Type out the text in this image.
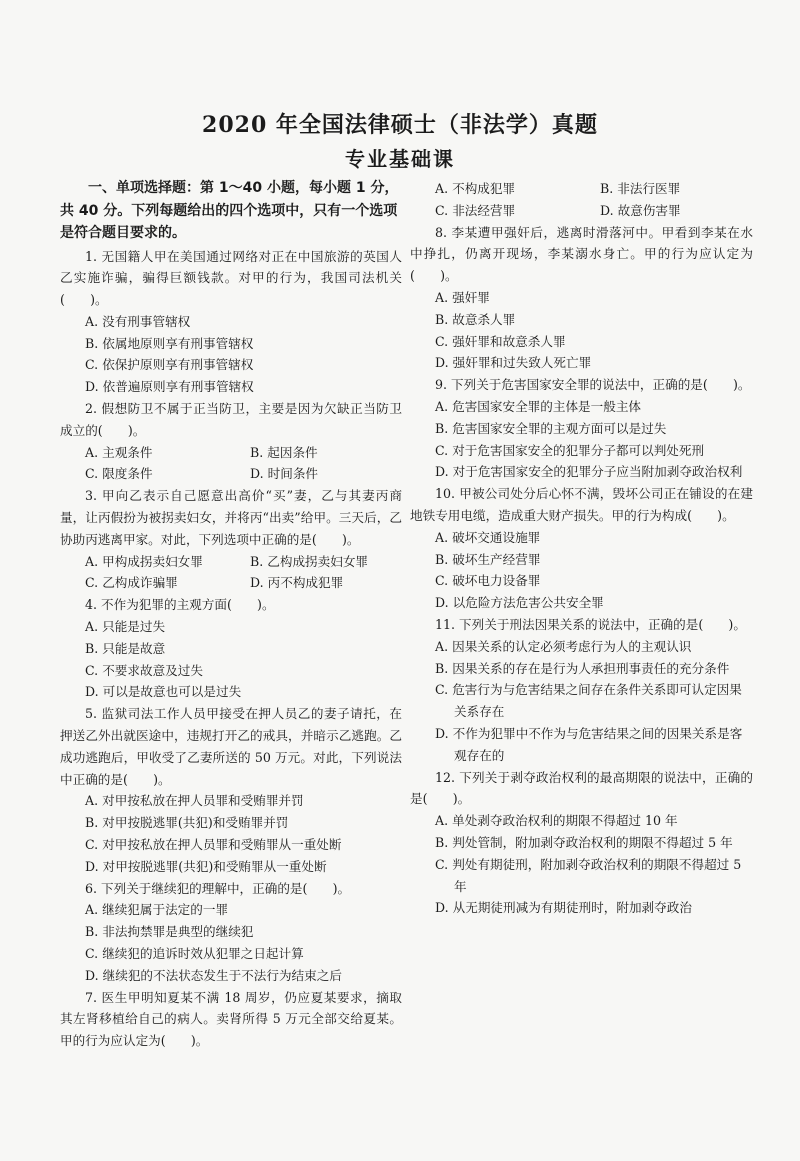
2020 年全国法律硕士（非法学）真题
专业基础课

一、单项选择题：第 1～40 小题，每小题 1 分，共 40 分。下列每题给出的四个选项中，只有一个选项是符合题目要求的。

1. 无国籍人甲在美国通过网络对正在中国旅游的英国人乙实施诈骗，骗得巨额钱款。对甲的行为，我国司法机关(　　)。

A. 没有刑事管辖权

B. 依属地原则享有刑事管辖权

C. 依保护原则享有刑事管辖权

D. 依普遍原则享有刑事管辖权

2. 假想防卫不属于正当防卫，主要是因为欠缺正当防卫成立的(　　)。

A. 主观条件	B. 起因条件
C. 限度条件	D. 时间条件

3. 甲向乙表示自己愿意出高价“买”妻，乙与其妻丙商量，让丙假扮为被拐卖妇女，并将丙“出卖”给甲。三天后，乙协助丙逃离甲家。对此，下列选项中正确的是(　　)。

A. 甲构成拐卖妇女罪	B. 乙构成拐卖妇女罪
C. 乙构成诈骗罪	D. 丙不构成犯罪

4. 不作为犯罪的主观方面(　　)。

A. 只能是过失

B. 只能是故意

C. 不要求故意及过失

D. 可以是故意也可以是过失

5. 监狱司法工作人员甲接受在押人员乙的妻子请托，在押送乙外出就医途中，违规打开乙的戒具，并暗示乙逃跑。乙成功逃跑后，甲收受了乙妻所送的 50 万元。对此，下列说法中正确的是(　　)。

A. 对甲按私放在押人员罪和受贿罪并罚

B. 对甲按脱逃罪(共犯)和受贿罪并罚

C. 对甲按私放在押人员罪和受贿罪从一重处断

D. 对甲按脱逃罪(共犯)和受贿罪从一重处断

6. 下列关于继续犯的理解中，正确的是(　　)。

A. 继续犯属于法定的一罪

B. 非法拘禁罪是典型的继续犯

C. 继续犯的追诉时效从犯罪之日起计算

D. 继续犯的不法状态发生于不法行为结束之后

7. 医生甲明知夏某不满 18 周岁，仍应夏某要求，摘取其左肾移植给自己的病人。卖肾所得 5 万元全部交给夏某。甲的行为应认定为(　　)。

A. 不构成犯罪	B. 非法行医罪
C. 非法经营罪	D. 故意伤害罪

8. 李某遭甲强奸后，逃离时滑落河中。甲看到李某在水中挣扎，仍离开现场，李某溺水身亡。甲的行为应认定为(　　)。

A. 强奸罪

B. 故意杀人罪

C. 强奸罪和故意杀人罪

D. 强奸罪和过失致人死亡罪

9. 下列关于危害国家安全罪的说法中，正确的是(　　)。

A. 危害国家安全罪的主体是一般主体

B. 危害国家安全罪的主观方面可以是过失

C. 对于危害国家安全的犯罪分子都可以判处死刑

D. 对于危害国家安全的犯罪分子应当附加剥夺政治权利

10. 甲被公司处分后心怀不满，毁坏公司正在铺设的在建地铁专用电缆，造成重大财产损失。甲的行为构成(　　)。

A. 破坏交通设施罪

B. 破坏生产经营罪

C. 破坏电力设备罪

D. 以危险方法危害公共安全罪

11. 下列关于刑法因果关系的说法中，正确的是(　　)。

A. 因果关系的认定必须考虑行为人的主观认识

B. 因果关系的存在是行为人承担刑事责任的充分条件

C. 危害行为与危害结果之间存在条件关系即可认定因果关系存在

D. 不作为犯罪中不作为与危害结果之间的因果关系是客观存在的

12. 下列关于剥夺政治权利的最高期限的说法中，正确的是(　　)。

A. 单处剥夺政治权利的期限不得超过 10 年

B. 判处管制，附加剥夺政治权利的期限不得超过 5 年

C. 判处有期徒刑，附加剥夺政治权利的期限不得超过 5 年

D. 从无期徒刑减为有期徒刑时，附加剥夺政治
